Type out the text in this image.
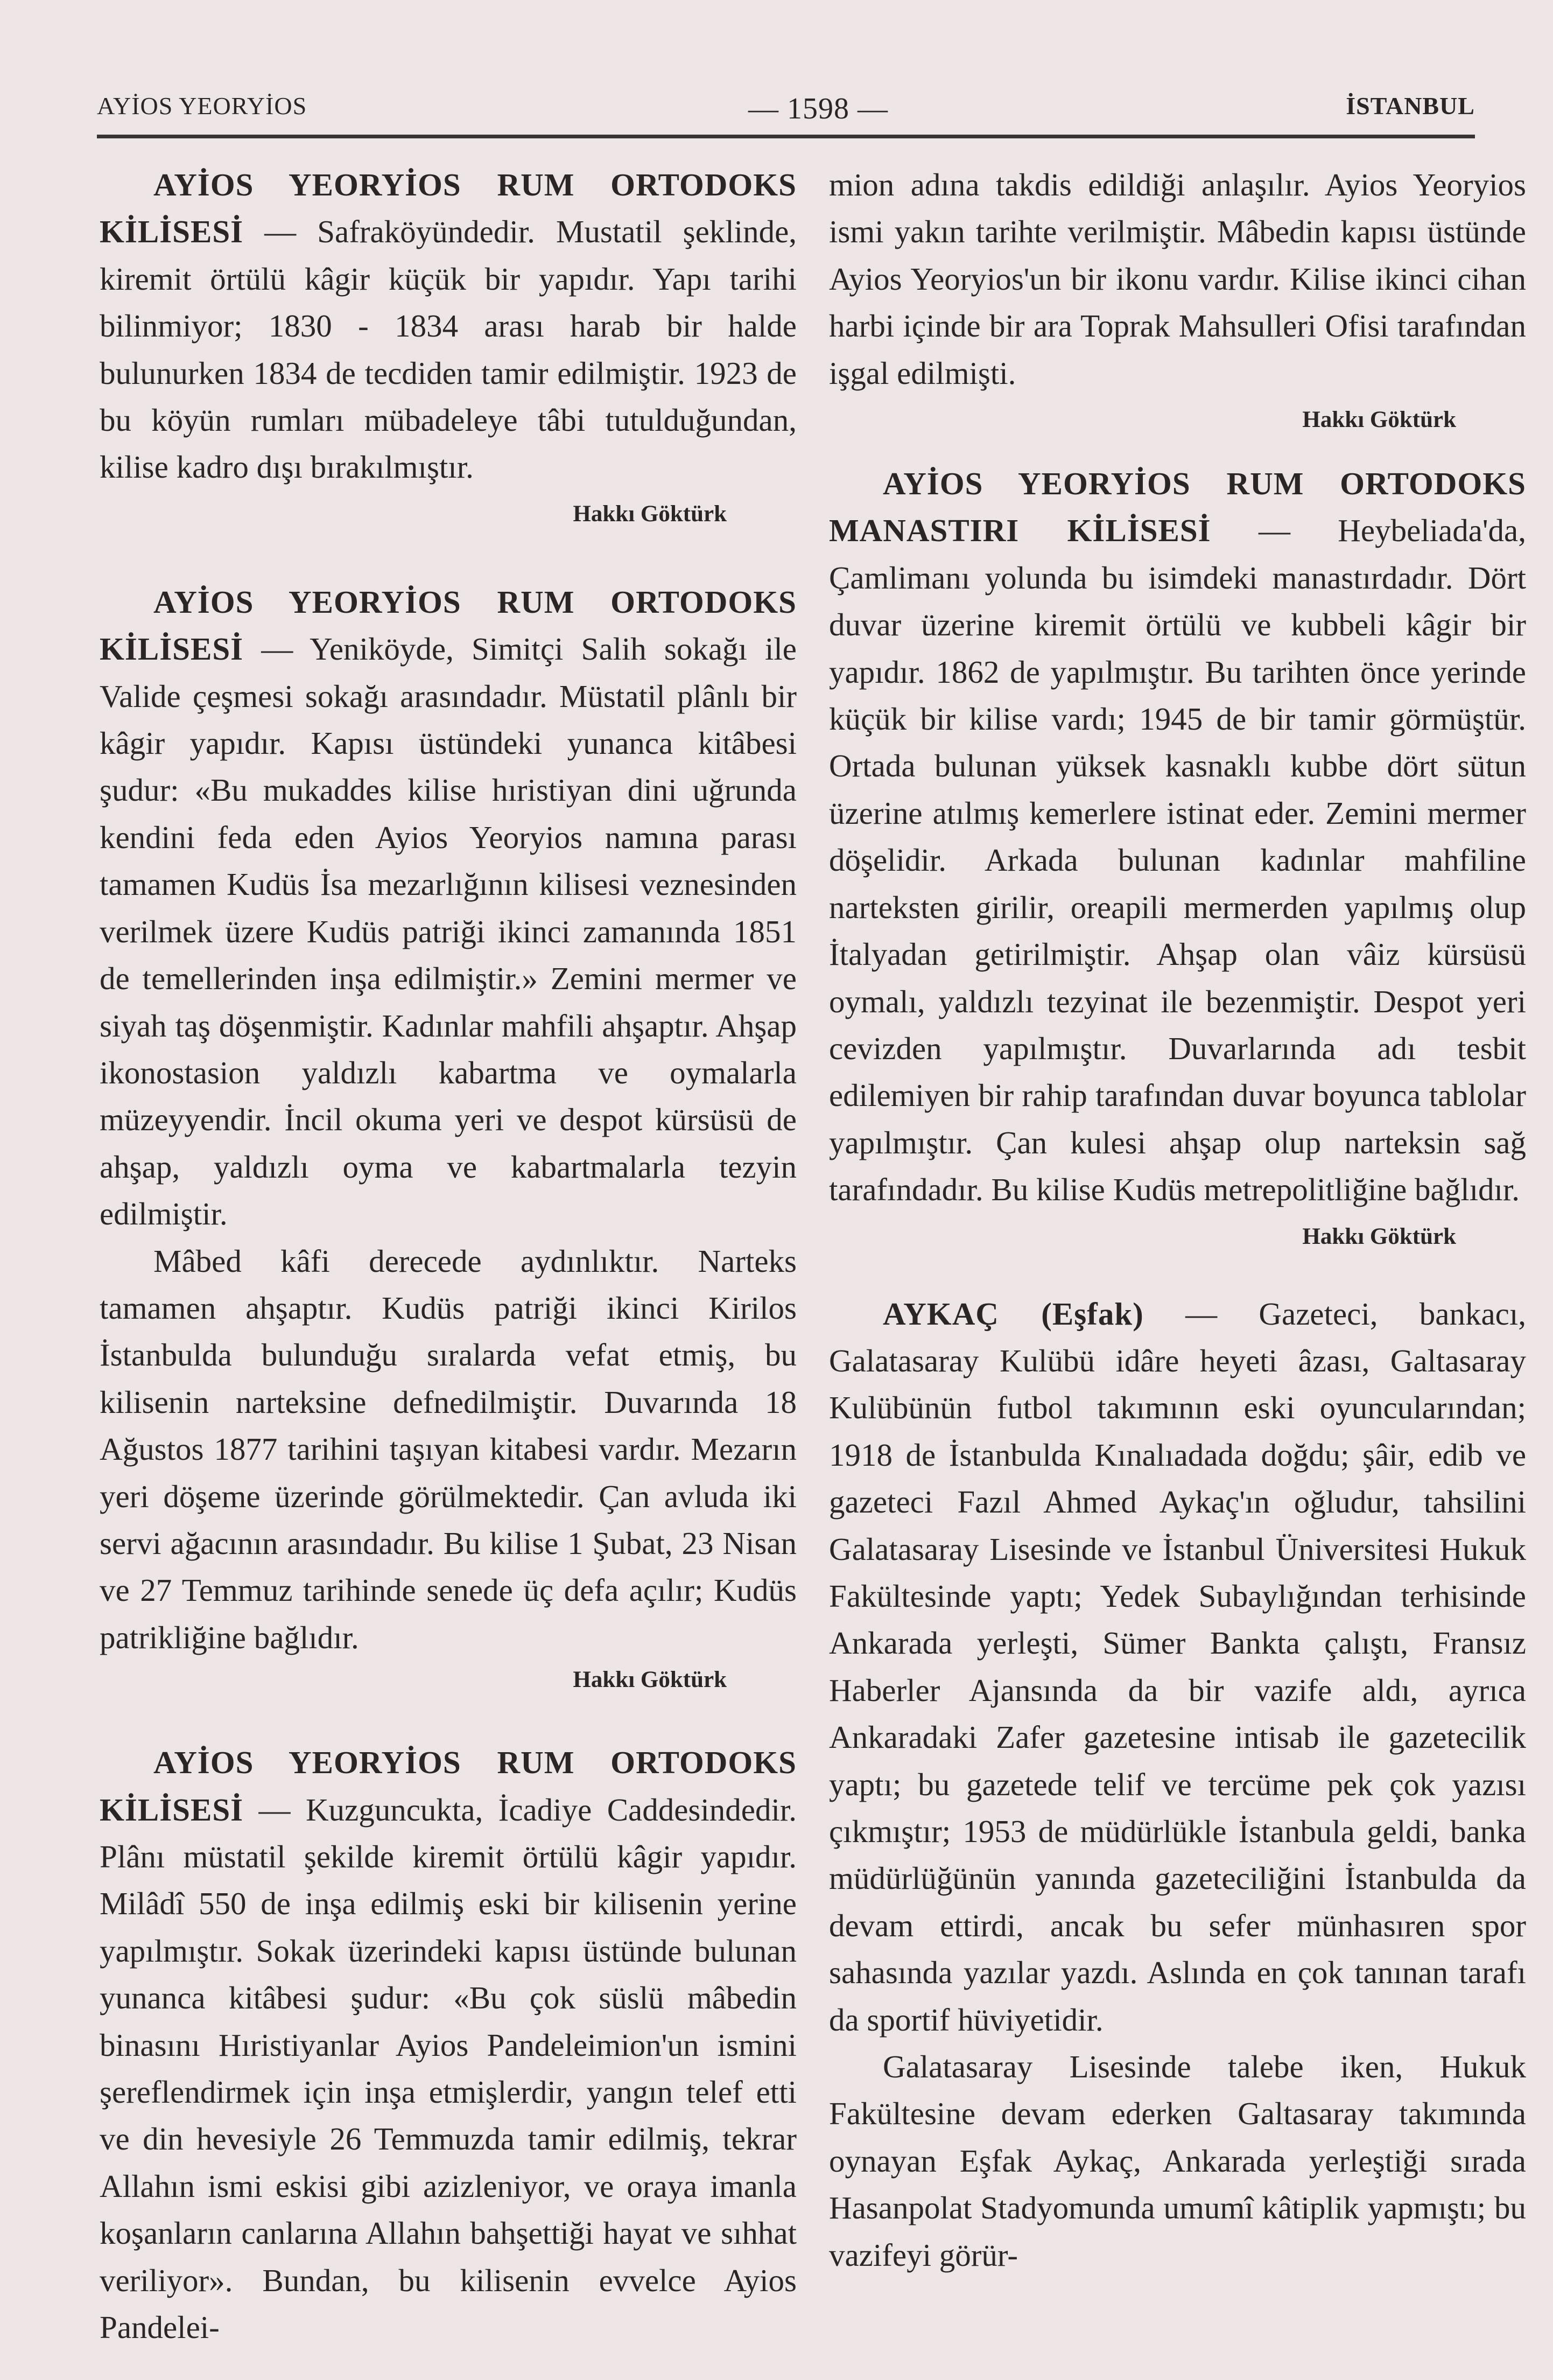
AYİOS YEORYİOS	— 1598 —	İSTANBUL

AYİOS YEORYİOS RUM ORTODOKS KİLİSESİ — Safraköyündedir. Mustatil şeklinde, kiremit örtülü kâgir küçük bir yapıdır. Yapı tarihi bilinmiyor; 1830 - 1834 arası harab bir halde bulunurken 1834 de tecdiden tamir edilmiştir. 1923 de bu köyün rumları mübadeleye tâbi tutulduğundan, kilise kadro dışı bırakılmıştır.

Hakkı Göktürk

AYİOS YEORYİOS RUM ORTODOKS KİLİSESİ — Yeniköyde, Simitçi Salih sokağı ile Valide çeşmesi sokağı arasındadır. Müstatil plânlı bir kâgir yapıdır. Kapısı üstündeki yunanca kitâbesi şudur: «Bu mukaddes kilise hıristiyan dini uğrunda kendini feda eden Ayios Yeoryios namına parası tamamen Kudüs İsa mezarlığının kilisesi veznesinden verilmek üzere Kudüs patriği ikinci zamanında 1851 de temellerinden inşa edilmiştir.» Zemini mermer ve siyah taş döşenmiştir. Kadınlar mahfili ahşaptır. Ahşap ikonostasion yaldızlı kabartma ve oymalarla müzeyyendir. İncil okuma yeri ve despot kürsüsü de ahşap, yaldızlı oyma ve kabartmalarla tezyin edilmiştir.

Mâbed kâfi derecede aydınlıktır. Narteks tamamen ahşaptır. Kudüs patriği ikinci Kirilos İstanbulda bulunduğu sıralarda vefat etmiş, bu kilisenin narteksine defnedilmiştir. Duvarında 18 Ağustos 1877 tarihini taşıyan kitabesi vardır. Mezarın yeri döşeme üzerinde görülmektedir. Çan avluda iki servi ağacının arasındadır. Bu kilise 1 Şubat, 23 Nisan ve 27 Temmuz tarihinde senede üç defa açılır; Kudüs patrikliğine bağlıdır.

Hakkı Göktürk

AYİOS YEORYİOS RUM ORTODOKS KİLİSESİ — Kuzguncukta, İcadiye Caddesindedir. Plânı müstatil şekilde kiremit örtülü kâgir yapıdır. Milâdî 550 de inşa edilmiş eski bir kilisenin yerine yapılmıştır. Sokak üzerindeki kapısı üstünde bulunan yunanca kitâbesi şudur: «Bu çok süslü mâbedin binasını Hıristiyanlar Ayios Pandeleimion'un ismini şereflendirmek için inşa etmişlerdir, yangın telef etti ve din hevesiyle 26 Temmuzda tamir edilmiş, tekrar Allahın ismi eskisi gibi azizleniyor, ve oraya imanla koşanların canlarına Allahın bahşettiği hayat ve sıhhat veriliyor». Bundan, bu kilisenin evvelce Ayios Pandelei-

mion adına takdis edildiği anlaşılır. Ayios Yeoryios ismi yakın tarihte verilmiştir. Mâbedin kapısı üstünde Ayios Yeoryios'un bir ikonu vardır. Kilise ikinci cihan harbi içinde bir ara Toprak Mahsulleri Ofisi tarafından işgal edilmişti.

Hakkı Göktürk

AYİOS YEORYİOS RUM ORTODOKS MANASTIRI KİLİSESİ — Heybeliada'da, Çamlimanı yolunda bu isimdeki manastırdadır. Dört duvar üzerine kiremit örtülü ve kubbeli kâgir bir yapıdır. 1862 de yapılmıştır. Bu tarihten önce yerinde küçük bir kilise vardı; 1945 de bir tamir görmüştür. Ortada bulunan yüksek kasnaklı kubbe dört sütun üzerine atılmış kemerlere istinat eder. Zemini mermer döşelidir. Arkada bulunan kadınlar mahfiline narteksten girilir, oreapili mermerden yapılmış olup İtalyadan getirilmiştir. Ahşap olan vâiz kürsüsü oymalı, yaldızlı tezyinat ile bezenmiştir. Despot yeri cevizden yapılmıştır. Duvarlarında adı tesbit edilemiyen bir rahip tarafından duvar boyunca tablolar yapılmıştır. Çan kulesi ahşap olup narteksin sağ tarafındadır. Bu kilise Kudüs metrepolitliğine bağlıdır.

Hakkı Göktürk

AYKAÇ (Eşfak) — Gazeteci, bankacı, Galatasaray Kulübü idâre heyeti âzası, Galtasaray Kulübünün futbol takımının eski oyuncularından; 1918 de İstanbulda Kınalıadada doğdu; şâir, edib ve gazeteci Fazıl Ahmed Aykaç'ın oğludur, tahsilini Galatasaray Lisesinde ve İstanbul Üniversitesi Hukuk Fakültesinde yaptı; Yedek Subaylığından terhisinde Ankarada yerleşti, Sümer Bankta çalıştı, Fransız Haberler Ajansında da bir vazife aldı, ayrıca Ankaradaki Zafer gazetesine intisab ile gazetecilik yaptı; bu gazetede telif ve tercüme pek çok yazısı çıkmıştır; 1953 de müdürlükle İstanbula geldi, banka müdürlüğünün yanında gazeteciliğini İstanbulda da devam ettirdi, ancak bu sefer münhasıren spor sahasında yazılar yazdı. Aslında en çok tanınan tarafı da sportif hüviyetidir.

Galatasaray Lisesinde talebe iken, Hukuk Fakültesine devam ederken Galtasaray takımında oynayan Eşfak Aykaç, Ankarada yerleştiği sırada Hasanpolat Stadyomunda umumî kâtiplik yapmıştı; bu vazifeyi görür-
